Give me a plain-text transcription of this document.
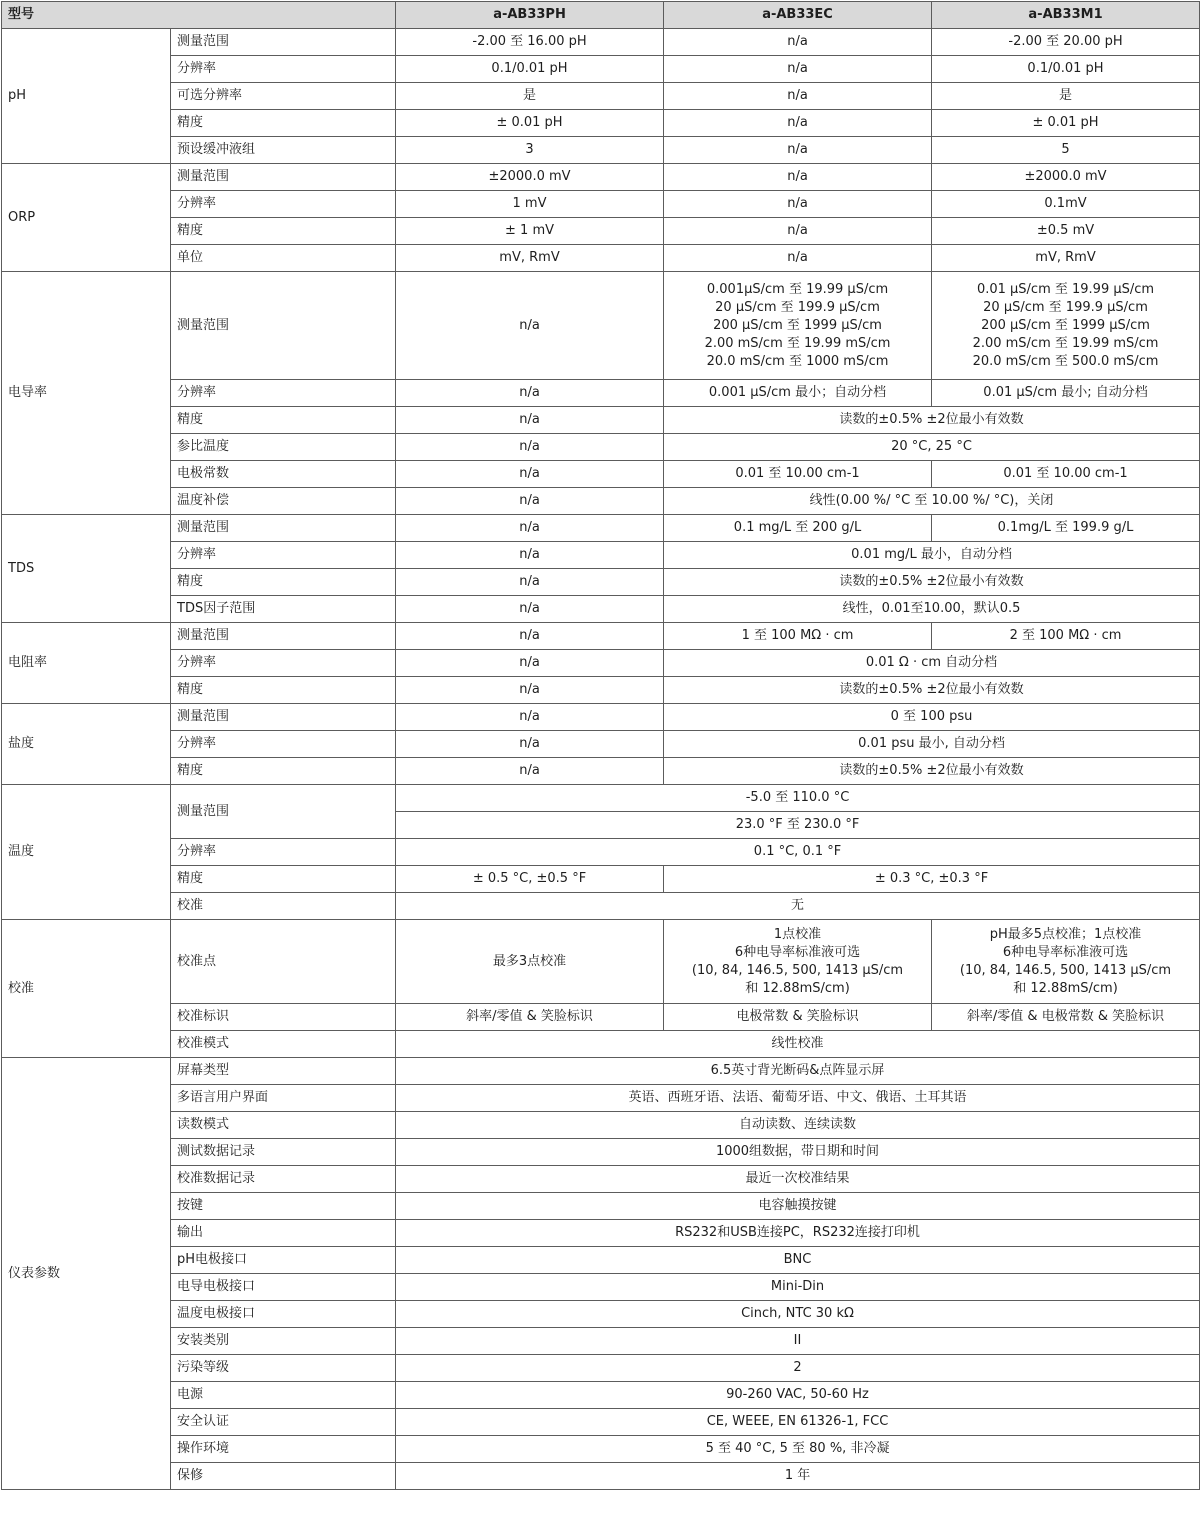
型号		a-AB33PH	a-AB33EC	a-AB33M1
pH	测量范围	-2.00 至 16.00 pH	n/a	-2.00 至 20.00 pH
	分辨率	0.1/0.01 pH	n/a	0.1/0.01 pH
	可选分辨率	是	n/a	是
	精度	± 0.01 pH	n/a	± 0.01 pH
	预设缓冲液组	3	n/a	5
ORP	测量范围	±2000.0 mV	n/a	±2000.0 mV
	分辨率	1 mV	n/a	0.1mV
	精度	± 1 mV	n/a	±0.5 mV
	单位	mV, RmV	n/a	mV, RmV
电导率	测量范围	n/a	0.001μS/cm 至 19.99 μS/cm
20 μS/cm 至 199.9 μS/cm
200 μS/cm 至 1999 μS/cm
2.00 mS/cm 至 19.99 mS/cm
20.0 mS/cm 至 1000 mS/cm	0.01 μS/cm 至 19.99 μS/cm
20 μS/cm 至 199.9 μS/cm
200 μS/cm 至 1999 μS/cm
2.00 mS/cm 至 19.99 mS/cm
20.0 mS/cm 至 500.0 mS/cm
	分辨率	n/a	0.001 μS/cm 最小；自动分档	0.01 μS/cm 最小; 自动分档
	精度	n/a	读数的±0.5% ±2位最小有效数	
	参比温度	n/a	20 °C, 25 °C	
	电极常数	n/a	0.01 至 10.00 cm-1	0.01 至 10.00 cm-1
	温度补偿	n/a	线性(0.00 %/ °C 至 10.00 %/ °C)，关闭	
TDS	测量范围	n/a	0.1 mg/L 至 200 g/L	0.1mg/L 至 199.9 g/L
	分辨率	n/a	0.01 mg/L 最小，自动分档	
	精度	n/a	读数的±0.5% ±2位最小有效数	
	TDS因子范围	n/a	线性，0.01至10.00，默认0.5	
电阻率	测量范围	n/a	1 至 100 MΩ · cm	2 至 100 MΩ · cm
	分辨率	n/a	0.01 Ω · cm 自动分档	
	精度	n/a	读数的±0.5% ±2位最小有效数	
盐度	测量范围	n/a	0 至 100 psu	
	分辨率	n/a	0.01 psu 最小, 自动分档	
	精度	n/a	读数的±0.5% ±2位最小有效数	
温度	测量范围	-5.0 至 110.0 °C		
		23.0 °F 至 230.0 °F		
	分辨率	0.1 °C, 0.1 °F		
	精度	± 0.5 °C, ±0.5 °F	± 0.3 °C, ±0.3 °F	
	校准	无		
校准	校准点	最多3点校准	1点校准
6种电导率标准液可选
(10, 84, 146.5, 500, 1413 μS/cm
和 12.88mS/cm)	pH最多5点校准；1点校准
6种电导率标准液可选
(10, 84, 146.5, 500, 1413 μS/cm
和 12.88mS/cm)
	校准标识	斜率/零值 & 笑脸标识	电极常数 & 笑脸标识	斜率/零值 & 电极常数 & 笑脸标识
	校准模式	线性校准		
仪表参数	屏幕类型	6.5英寸背光断码&点阵显示屏		
	多语言用户界面	英语、西班牙语、法语、葡萄牙语、中文、俄语、土耳其语		
	读数模式	自动读数、连续读数		
	测试数据记录	1000组数据，带日期和时间		
	校准数据记录	最近一次校准结果		
	按键	电容触摸按键		
	输出	RS232和USB连接PC，RS232连接打印机		
	pH电极接口	BNC		
	电导电极接口	Mini-Din		
	温度电极接口	Cinch, NTC 30 kΩ		
	安装类别	II		
	污染等级	2		
	电源	90-260 VAC, 50-60 Hz		
	安全认证	CE, WEEE, EN 61326-1, FCC		
	操作环境	5 至 40 °C, 5 至 80 %, 非冷凝		
	保修	1 年		
